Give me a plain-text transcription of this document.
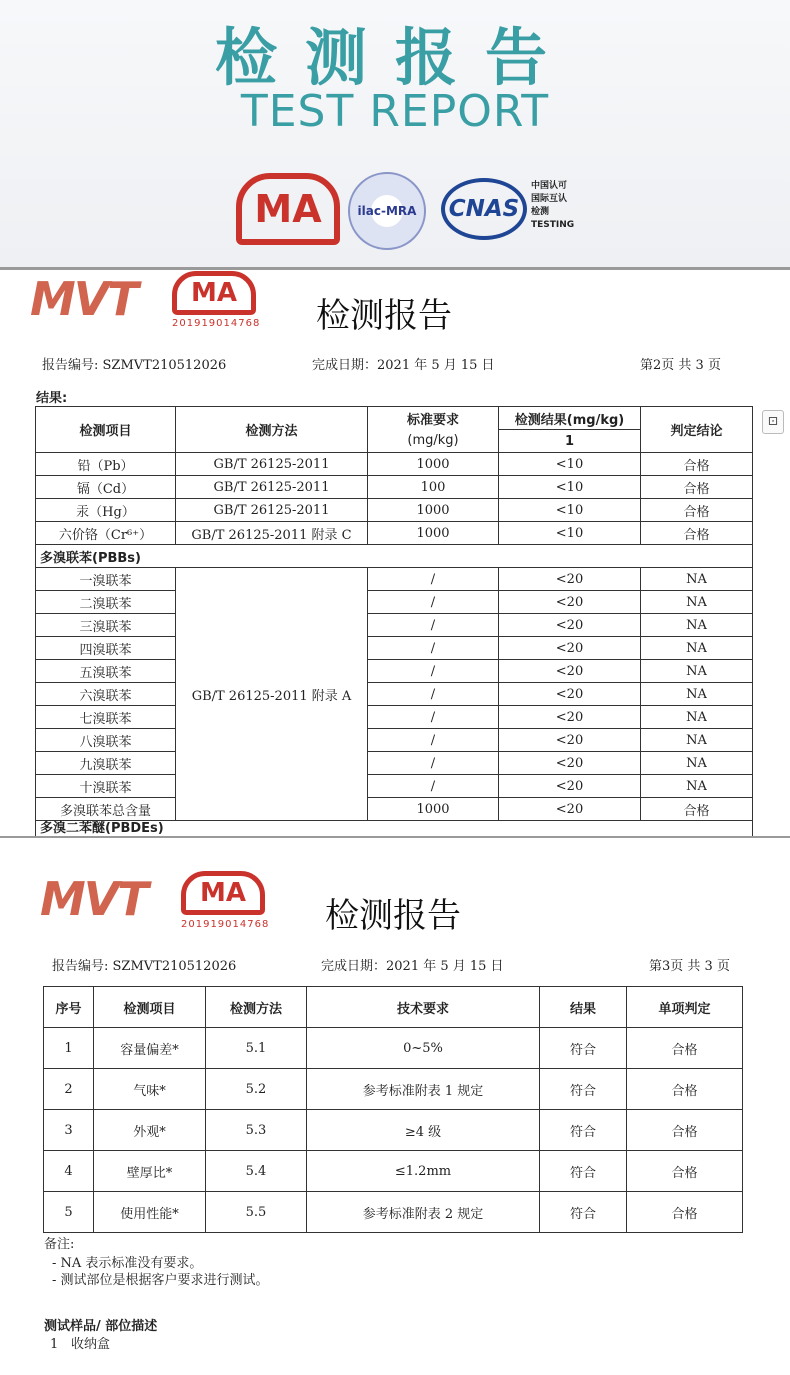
检测报告
TEST REPORT
MA	ilac-MRA CNAS
中国认可
国际互认
检测
TESTING
MVT MA
201919014768 检测报告
报告编号: SZMVT210512026	完成日期：2021 年 5 月 15 日	第2页 共 3 页
结果:
⊡
检测项目	检测方法	标准要求	检测结果(mg/kg)	判定结论
		(mg/kg)	1	
铅（Pb）	GB/T 26125-2011	1000	<10	合格
镉（Cd）	GB/T 26125-2011	100	<10	合格
汞（Hg）	GB/T 26125-2011	1000	<10	合格
六价铬（Cr⁶⁺）	GB/T 26125-2011 附录 C	1000	<10	合格
多溴联苯(PBBs)				
一溴联苯	GB/T 26125-2011 附录 A	/	<20	NA
二溴联苯		/	<20	NA
三溴联苯		/	<20	NA
四溴联苯		/	<20	NA
五溴联苯		/	<20	NA
六溴联苯		/	<20	NA
七溴联苯		/	<20	NA
八溴联苯		/	<20	NA
九溴联苯		/	<20	NA
十溴联苯		/	<20	NA
多溴联苯总含量		1000	<20	合格
多溴二苯醚(PBDEs)				
MVT MA
201919014768 检测报告
报告编号: SZMVT210512026	完成日期：2021 年 5 月 15 日	第3页 共 3 页
序号	检测项目	检测方法	技术要求	结果	单项判定
1	容量偏差*	5.1	0~5%	符合	合格
2	气味*	5.2	参考标准附表 1 规定	符合	合格
3	外观*	5.3	≥4 级	符合	合格
4	壁厚比*	5.4	≤1.2mm	符合	合格
5	使用性能*	5.5	参考标准附表 2 规定	符合	合格
备注:
- NA 表示标准没有要求。
- 测试部位是根据客户要求进行测试。
测试样品/ 部位描述
1 收纳盒
